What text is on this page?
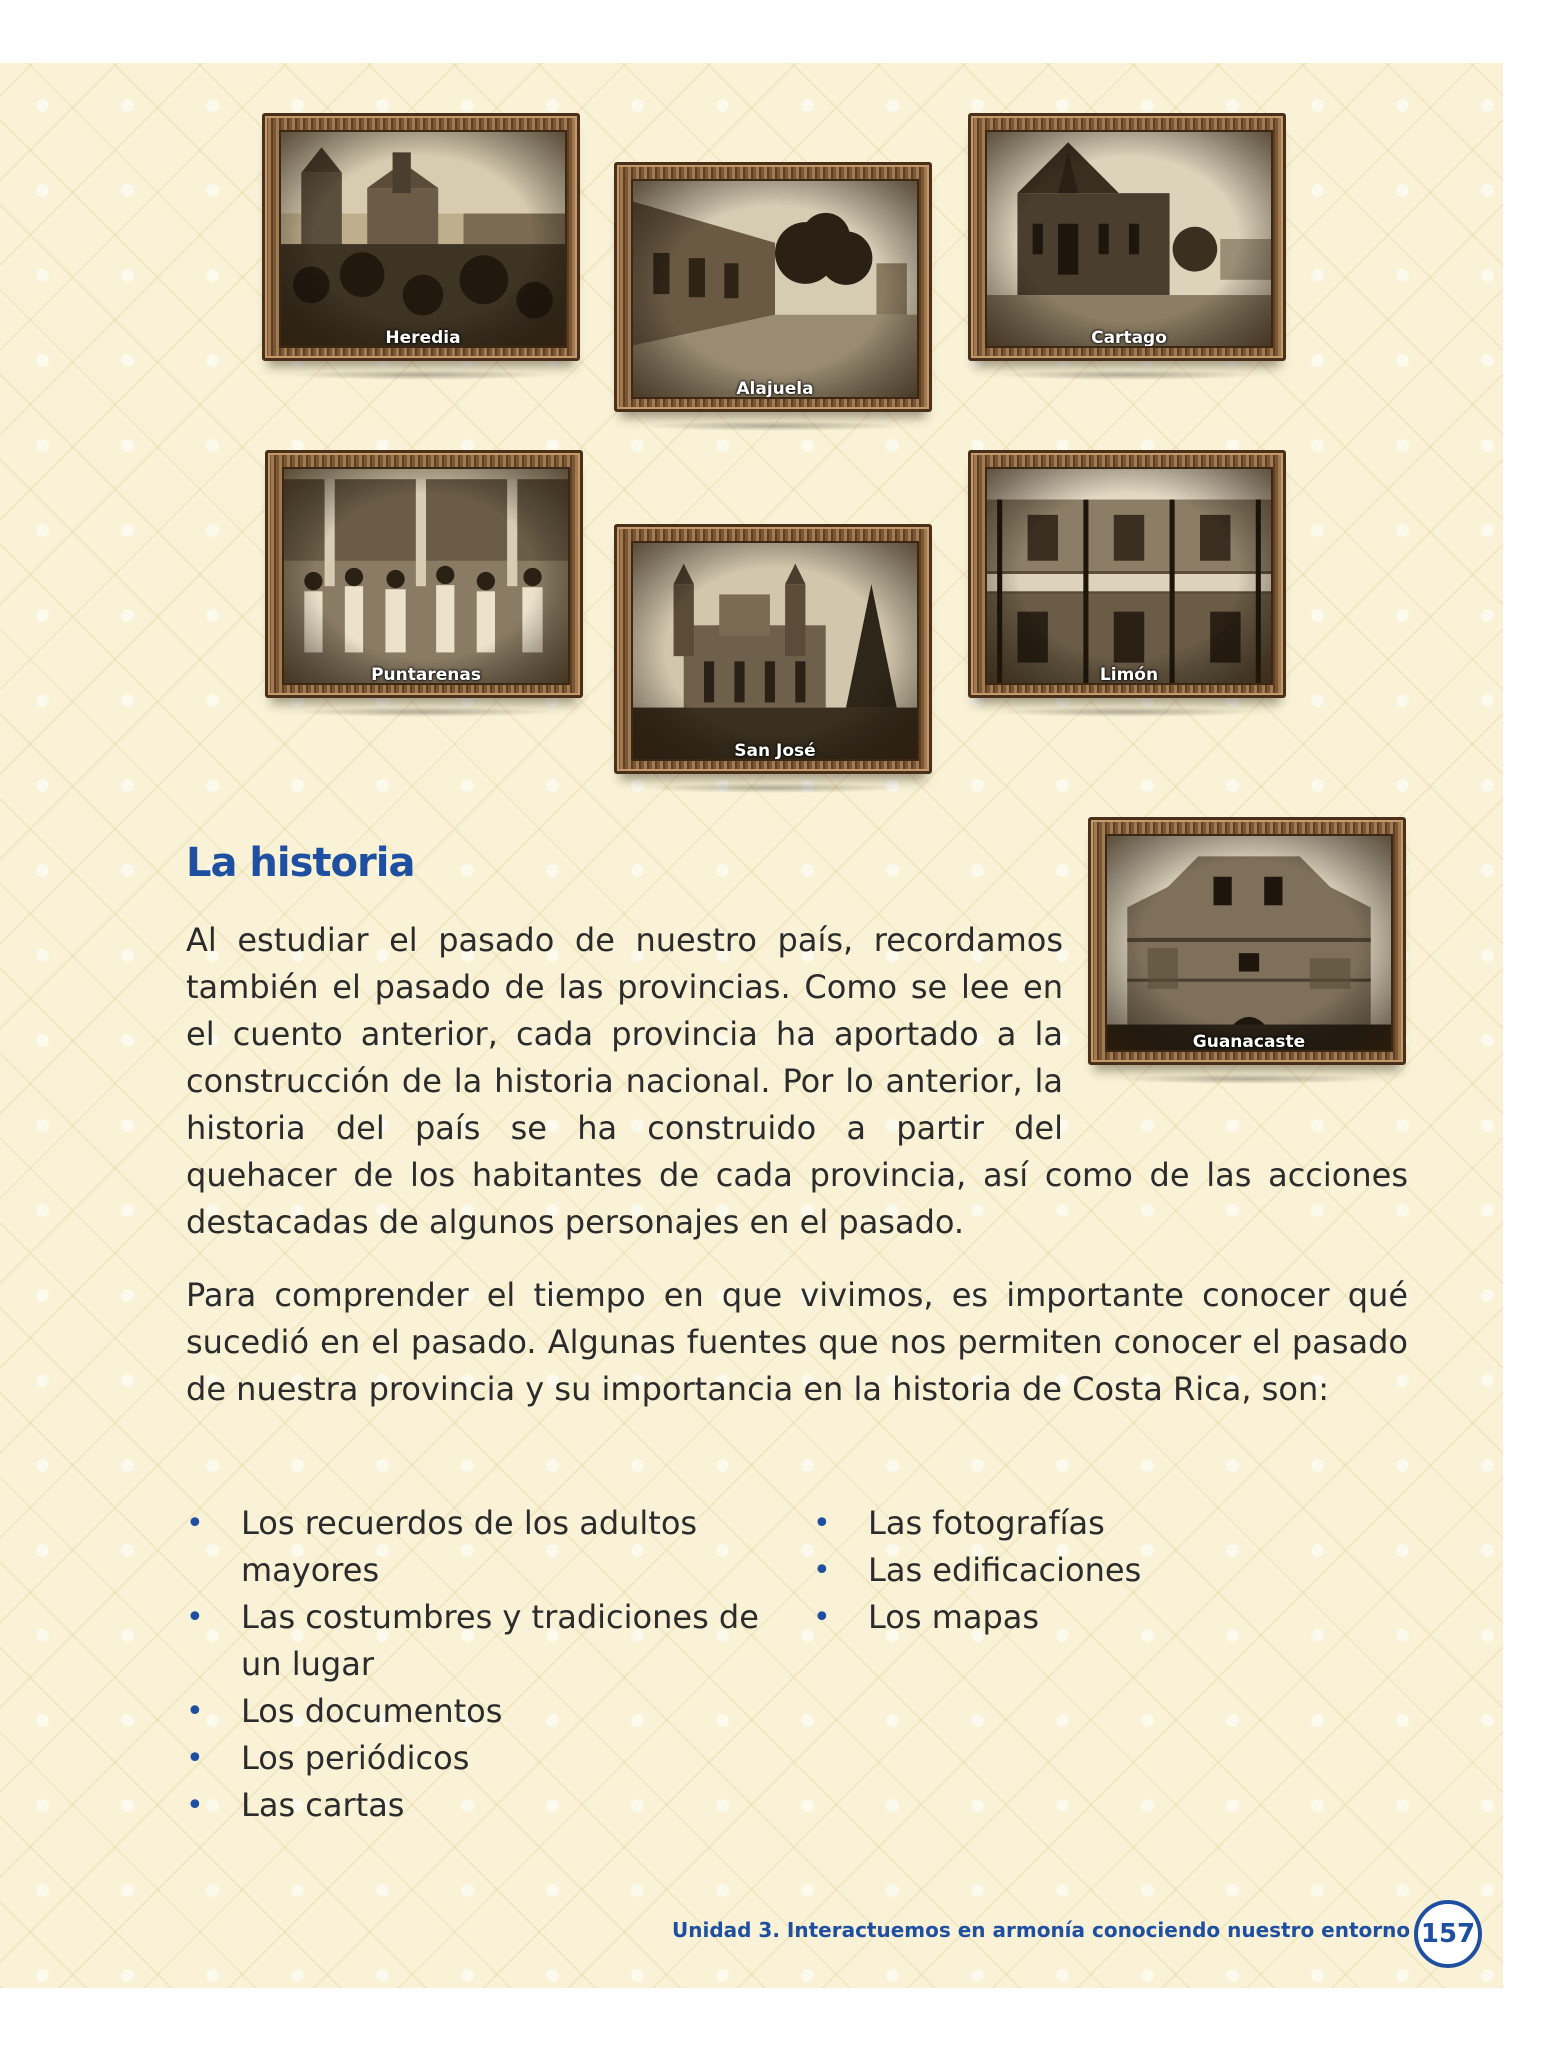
Heredia
Alajuela
Cartago
Puntarenas
San José
Limón
Guanacaste
La historia
Al estudiar el pasado de nuestro país, recordamos también el pasado de las provincias. Como se lee en el cuento anterior, cada provincia ha aportado a la construcción de la historia nacional. Por lo anterior, la historia del país se ha construido a partir del quehacer de los habitantes de cada provincia, así como de las acciones destacadas de algunos personajes en el pasado.

Para comprender el tiempo en que vivimos, es importante conocer qué sucedió en el pasado. Algunas fuentes que nos permiten conocer el pasado de nuestra provincia y su importancia en la historia de Costa Rica, son:

• Los recuerdos de los adultos mayores
• Las costumbres y tradiciones de un lugar
• Los documentos
• Los periódicos
• Las cartas
• Las fotografías
• Las edificaciones
• Los mapas
Unidad 3. Interactuemos en armonía conociendo nuestro entorno 157
